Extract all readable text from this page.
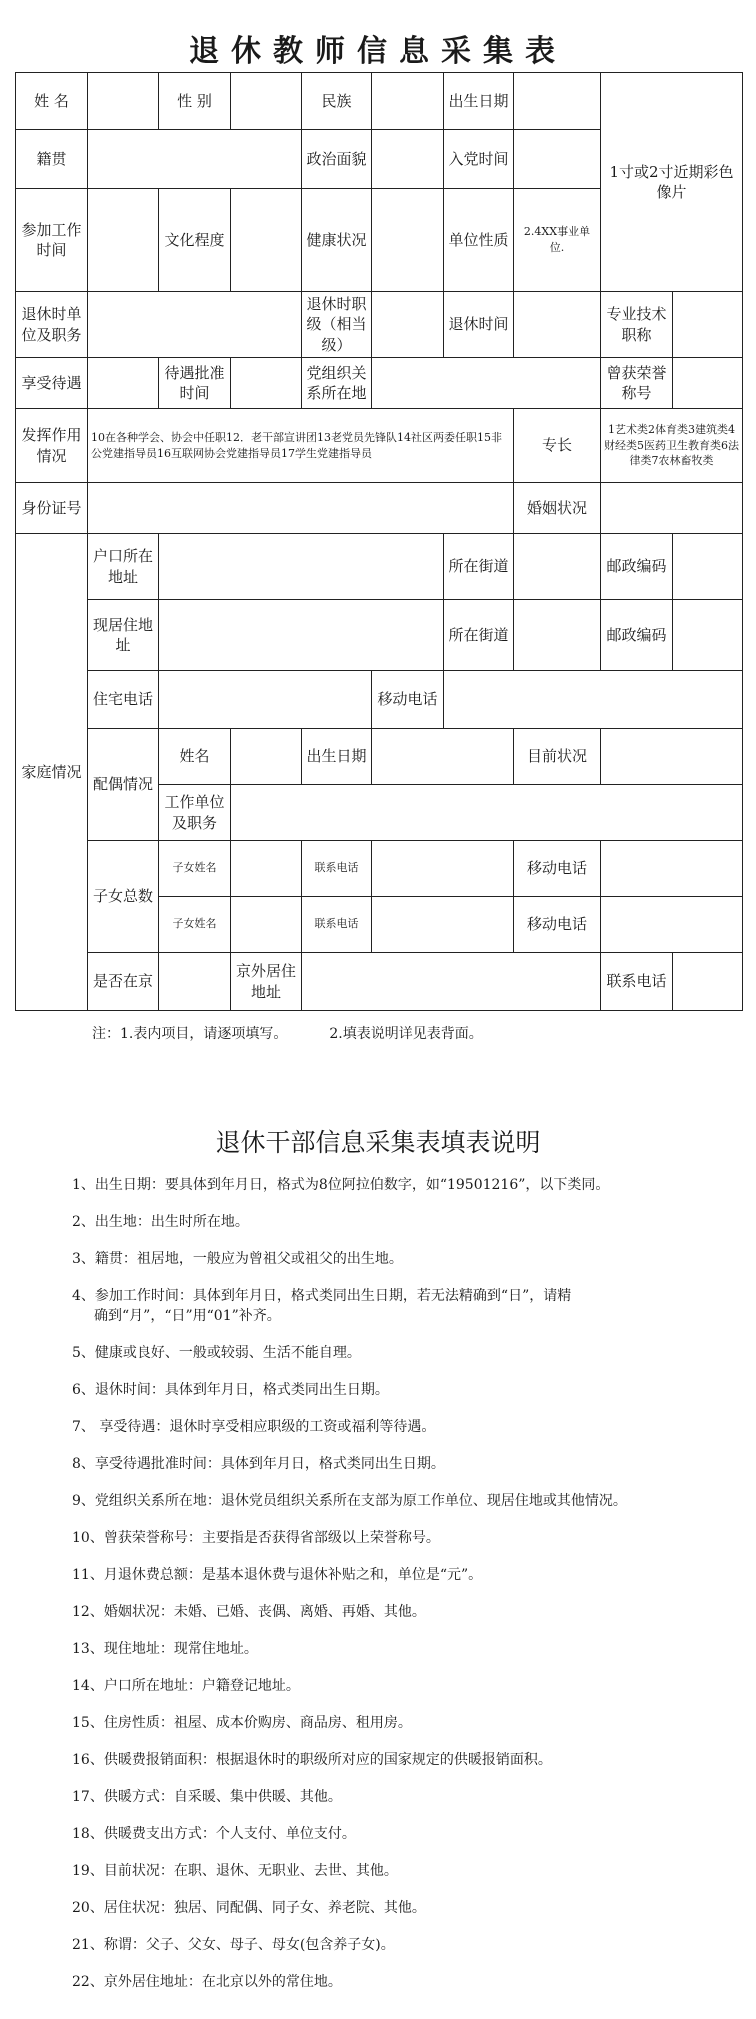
退休教师信息采集表
姓 名		性 别		民族		出生日期		1寸或2寸近期彩色像片	
籍贯				政治面貌		入党时间			
参加工作时间		文化程度		健康状况		单位性质	2.4XX事业单位.		
退休时单位及职务				退休时职级（相当级）		退休时间		专业技术职称	
享受待遇		待遇批准时间		党组织关系所在地				曾获荣誉称号	
发挥作用情况	10在各种学会、协会中任职12．老干部宣讲团13老党员先锋队14社区两委任职15非公党建指导员16互联网协会党建指导员17学生党建指导员						专长	1艺术类2体育类3建筑类4财经类5医药卫生教育类6法律类7农林畜牧类	
身份证号							婚姻状况		
家庭情况	户口所在地址					所在街道		邮政编码	
	现居住地址					所在街道		邮政编码	
	住宅电话				移动电话				
	配偶情况	姓名		出生日期			目前状况		
		工作单位及职务							
	子女总数	子女姓名		联系电话			移动电话		
		子女姓名		联系电话			移动电话		
	是否在京		京外居住地址					联系电话	
注：1.表内项目，请逐项填写。	2.填表说明详见表背面。
退休干部信息采集表填表说明
1、出生日期：要具体到年月日，格式为8位阿拉伯数字，如“19501216”，以下类同。
2、出生地：出生时所在地。
3、籍贯：祖居地，一般应为曾祖父或祖父的出生地。
4、参加工作时间：具体到年月日，格式类同出生日期，若无法精确到“日”，请精
确到“月”，“日”用“01”补齐。
5、健康或良好、一般或较弱、生活不能自理。
6、退休时间：具体到年月日，格式类同出生日期。
7、 享受待遇：退休时享受相应职级的工资或福利等待遇。
8、享受待遇批准时间：具体到年月日，格式类同出生日期。
9、党组织关系所在地：退休党员组织关系所在支部为原工作单位、现居住地或其他情况。
10、曾获荣誉称号：主要指是否获得省部级以上荣誉称号。
11、月退休费总额：是基本退休费与退休补贴之和，单位是“元”。
12、婚姻状况：未婚、已婚、丧偶、离婚、再婚、其他。
13、现住地址：现常住地址。
14、户口所在地址：户籍登记地址。
15、住房性质：祖屋、成本价购房、商品房、租用房。
16、供暖费报销面积：根据退休时的职级所对应的国家规定的供暖报销面积。
17、供暖方式：自采暖、集中供暖、其他。
18、供暖费支出方式：个人支付、单位支付。
19、目前状况：在职、退休、无职业、去世、其他。
20、居住状况：独居、同配偶、同子女、养老院、其他。
21、称谓：父子、父女、母子、母女(包含养子女)。
22、京外居住地址：在北京以外的常住地。
